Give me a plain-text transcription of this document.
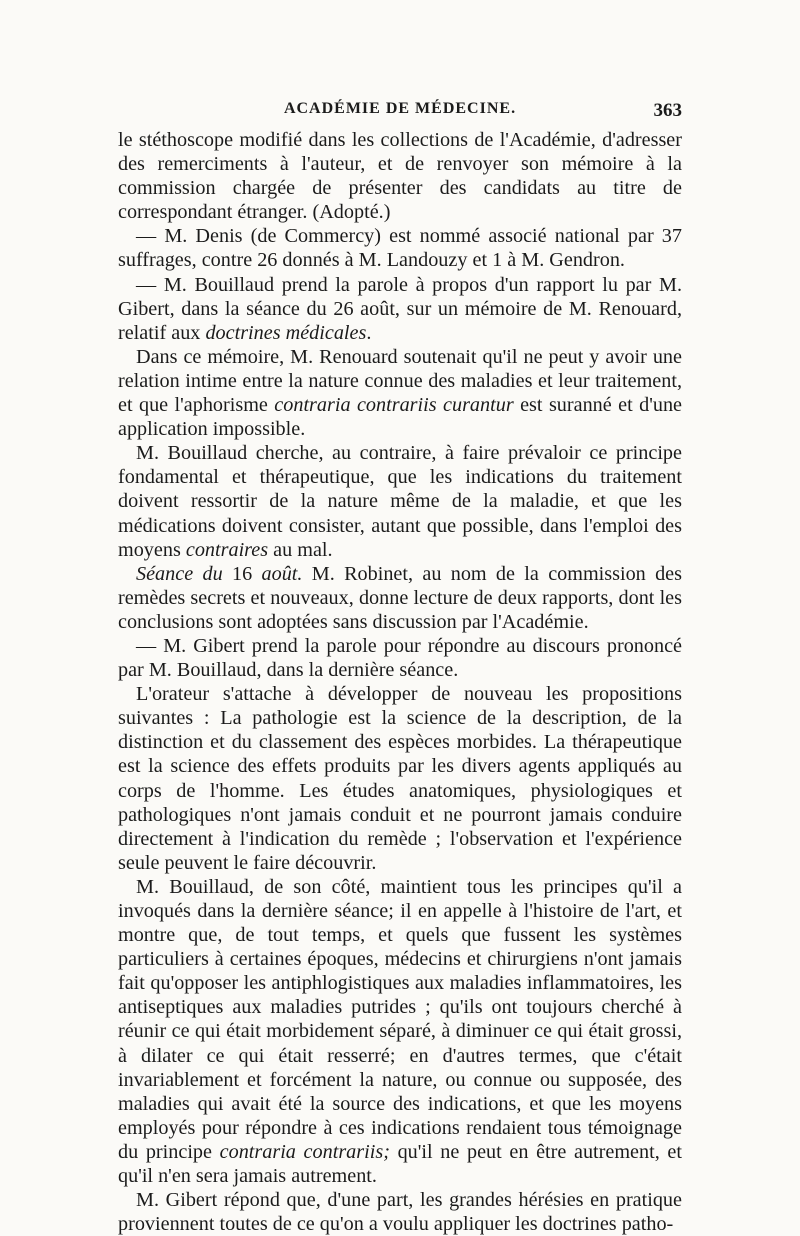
ACADÉMIE DE MÉDECINE.	363

le stéthoscope modifié dans les collections de l'Académie, d'adresser des remerciments à l'auteur, et de renvoyer son mémoire à la commission chargée de présenter des candidats au titre de correspondant étranger. (Adopté.)

— M. Denis (de Commercy) est nommé associé national par 37 suffrages, contre 26 donnés à M. Landouzy et 1 à M. Gendron.

— M. Bouillaud prend la parole à propos d'un rapport lu par M. Gibert, dans la séance du 26 août, sur un mémoire de M. Renouard, relatif aux doctrines médicales.

Dans ce mémoire, M. Renouard soutenait qu'il ne peut y avoir une relation intime entre la nature connue des maladies et leur traitement, et que l'aphorisme contraria contrariis curantur est suranné et d'une application impossible.

M. Bouillaud cherche, au contraire, à faire prévaloir ce principe fondamental et thérapeutique, que les indications du traitement doivent ressortir de la nature même de la maladie, et que les médications doivent consister, autant que possible, dans l'emploi des moyens contraires au mal.

Séance du 16 août. M. Robinet, au nom de la commission des remèdes secrets et nouveaux, donne lecture de deux rapports, dont les conclusions sont adoptées sans discussion par l'Académie.

— M. Gibert prend la parole pour répondre au discours prononcé par M. Bouillaud, dans la dernière séance.

L'orateur s'attache à développer de nouveau les propositions suivantes : La pathologie est la science de la description, de la distinction et du classement des espèces morbides. La thérapeutique est la science des effets produits par les divers agents appliqués au corps de l'homme. Les études anatomiques, physiologiques et pathologiques n'ont jamais conduit et ne pourront jamais conduire directement à l'indication du remède ; l'observation et l'expérience seule peuvent le faire découvrir.

M. Bouillaud, de son côté, maintient tous les principes qu'il a invoqués dans la dernière séance; il en appelle à l'histoire de l'art, et montre que, de tout temps, et quels que fussent les systèmes particuliers à certaines époques, médecins et chirurgiens n'ont jamais fait qu'opposer les antiphlogistiques aux maladies inflammatoires, les antiseptiques aux maladies putrides ; qu'ils ont toujours cherché à réunir ce qui était morbidement séparé, à diminuer ce qui était grossi, à dilater ce qui était resserré; en d'autres termes, que c'était invariablement et forcément la nature, ou connue ou supposée, des maladies qui avait été la source des indications, et que les moyens employés pour répondre à ces indications rendaient tous témoignage du principe contraria contrariis; qu'il ne peut en être autrement, et qu'il n'en sera jamais autrement.

M. Gibert répond que, d'une part, les grandes hérésies en pratique proviennent toutes de ce qu'on a voulu appliquer les doctrines patho-
